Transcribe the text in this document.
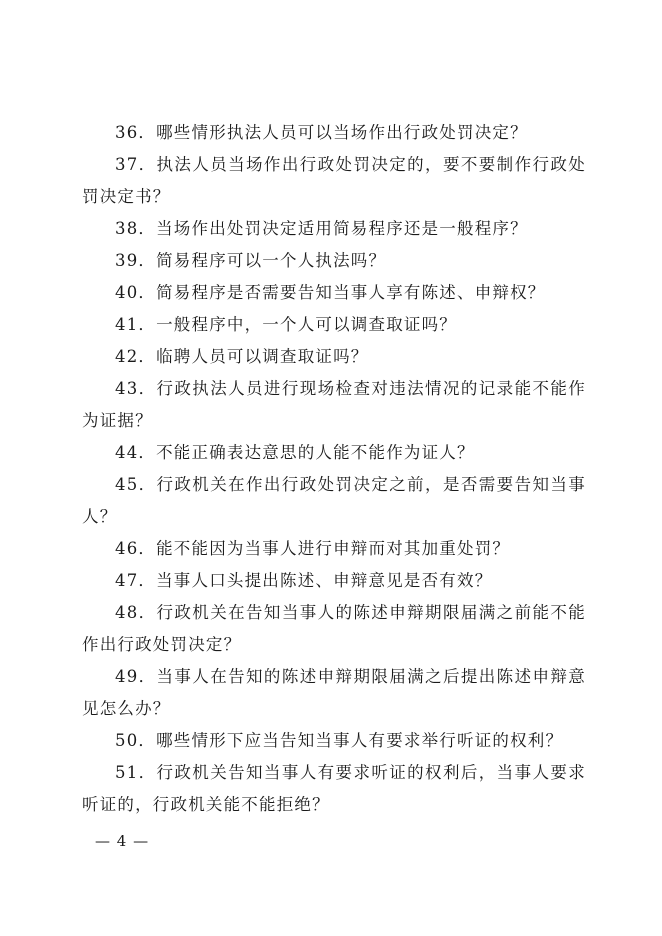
36．哪些情形执法人员可以当场作出行政处罚决定？

37．执法人员当场作出行政处罚决定的，要不要制作行政处罚决定书？

38．当场作出处罚决定适用简易程序还是一般程序？

39．简易程序可以一个人执法吗？

40．简易程序是否需要告知当事人享有陈述、申辩权？

41．一般程序中，一个人可以调查取证吗？

42．临聘人员可以调查取证吗？

43．行政执法人员进行现场检查对违法情况的记录能不能作为证据？

44．不能正确表达意思的人能不能作为证人？

45．行政机关在作出行政处罚决定之前，是否需要告知当事人？

46．能不能因为当事人进行申辩而对其加重处罚？

47．当事人口头提出陈述、申辩意见是否有效？

48．行政机关在告知当事人的陈述申辩期限届满之前能不能作出行政处罚决定？

49．当事人在告知的陈述申辩期限届满之后提出陈述申辩意见怎么办？

50．哪些情形下应当告知当事人有要求举行听证的权利？

51．行政机关告知当事人有要求听证的权利后，当事人要求听证的，行政机关能不能拒绝？

— 4 —
